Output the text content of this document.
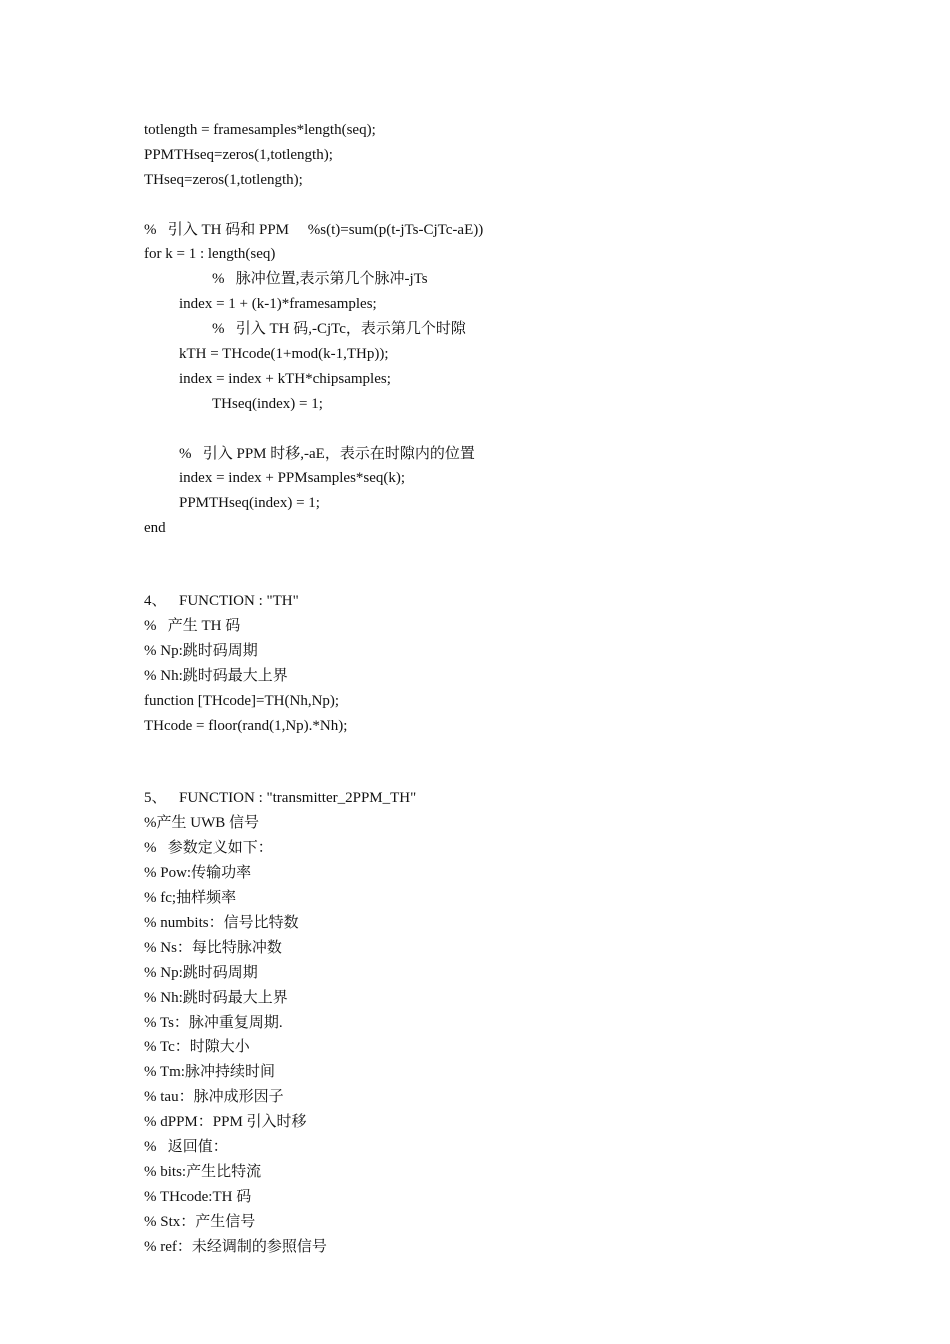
totlength = framesamples*length(seq);
PPMTHseq=zeros(1,totlength);
THseq=zeros(1,totlength);
%   引入 TH 码和 PPM     %s(t)=sum(p(t-jTs-CjTc-aE))
for k = 1 : length(seq)
%   脉冲位置,表示第几个脉冲-jTs
index = 1 + (k-1)*framesamples;
%   引入 TH 码,-CjTc，表示第几个时隙
kTH = THcode(1+mod(k-1,THp));
index = index + kTH*chipsamples;
THseq(index) = 1;
%   引入 PPM 时移,-aE，表示在时隙内的位置
index = index + PPMsamples*seq(k);
PPMTHseq(index) = 1;
end
4、 FUNCTION : "TH"
%   产生 TH 码
% Np:跳时码周期
% Nh:跳时码最大上界
function [THcode]=TH(Nh,Np);
THcode = floor(rand(1,Np).*Nh);
5、 FUNCTION : "transmitter_2PPM_TH"
%产生 UWB 信号
%   参数定义如下：
% Pow:传输功率
% fc;抽样频率
% numbits：信号比特数
% Ns：每比特脉冲数
% Np:跳时码周期
% Nh:跳时码最大上界
% Ts：脉冲重复周期.
% Tc：时隙大小
% Tm:脉冲持续时间
% tau：脉冲成形因子
% dPPM：PPM 引入时移
%   返回值：
% bits:产生比特流
% THcode:TH 码
% Stx：产生信号
% ref：未经调制的参照信号
